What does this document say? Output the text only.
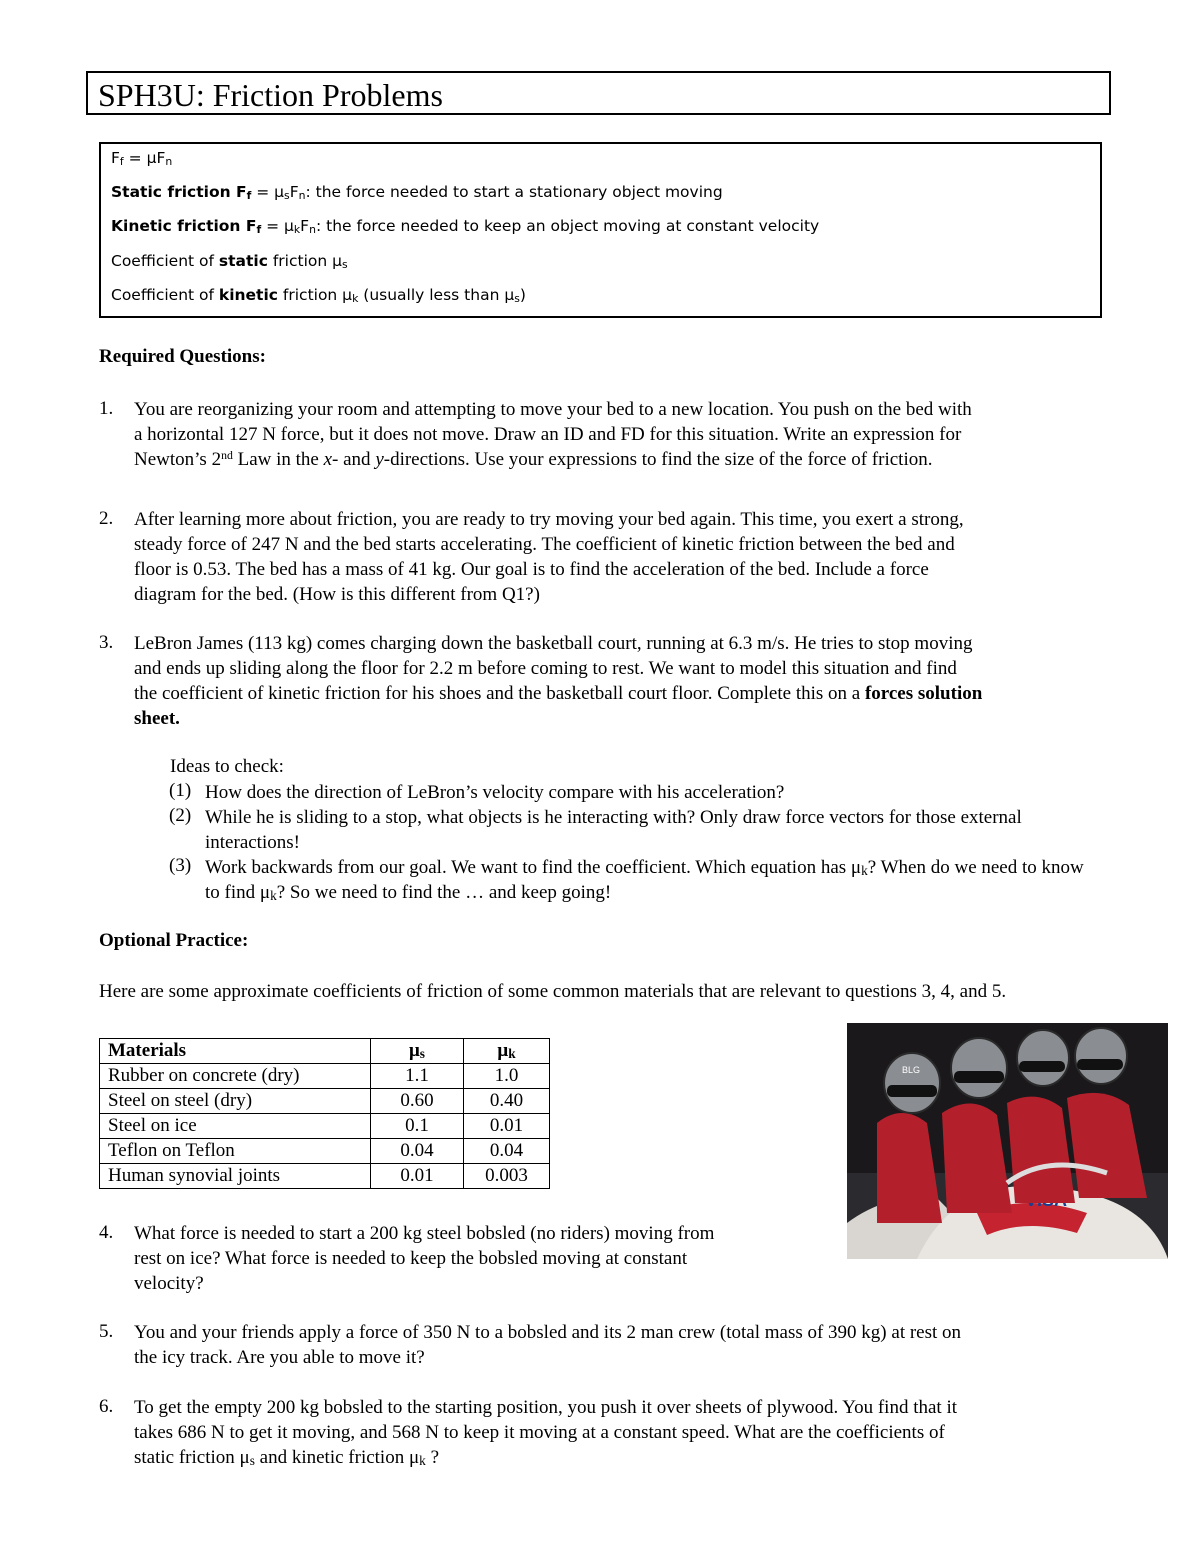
SPH3U: Friction Problems
$F_f = \mu F_n$
Static friction $F_f = \mu_sF_n$: the force needed to start a stationary object moving
Kinetic friction $F_f = \mu_kF_n$: the force needed to keep an object moving at constant velocity
Coefficient of static friction $\mu_s$
Coefficient of kinetic friction $\mu_k$ (usually less than $\mu_s$)
Required Questions:
1. You are reorganizing your room and attempting to move your bed to a new location. You push on the bed with
a horizontal 127 N force, but it does not move. Draw an ID and FD for this situation. Write an expression for
Newton’s 2nd Law in the x- and y-directions. Use your expressions to find the size of the force of friction.
2. After learning more about friction, you are ready to try moving your bed again. This time, you exert a strong,
steady force of 247 N and the bed starts accelerating. The coefficient of kinetic friction between the bed and
floor is 0.53. The bed has a mass of 41 kg. Our goal is to find the acceleration of the bed. Include a force
diagram for the bed. (How is this different from Q1?)
3. LeBron James (113 kg) comes charging down the basketball court, running at 6.3 m/s. He tries to stop moving
and ends up sliding along the floor for 2.2 m before coming to rest. We want to model this situation and find
the coefficient of kinetic friction for his shoes and the basketball court floor. Complete this on a forces solution
sheet.
Ideas to check:
(1) How does the direction of LeBron’s velocity compare with his acceleration?
(2) While he is sliding to a stop, what objects is he interacting with? Only draw force vectors for those external interactions!
(3) Work backwards from our goal. We want to find the coefficient. Which equation has $\mu_k$? When do we need to know to find $\mu_k$? So we need to find the … and keep going!
Optional Practice:
Here are some approximate coefficients of friction of some common materials that are relevant to questions 3, 4, and 5.
Materials	$\mu_s$	$\mu_k$
Rubber on concrete (dry)	1.1	1.0
Steel on steel (dry)	0.60	0.40
Steel on ice	0.1	0.01
Teflon on Teflon	0.04	0.04
Human synovial joints	0.01	0.003
BLG
4. What force is needed to start a 200 kg steel bobsled (no riders) moving from
rest on ice? What force is needed to keep the bobsled moving at constant
velocity?
5. You and your friends apply a force of 350 N to a bobsled and its 2 man crew (total mass of 390 kg) at rest on
the icy track. Are you able to move it?
6. To get the empty 200 kg bobsled to the starting position, you push it over sheets of plywood. You find that it
takes 686 N to get it moving, and 568 N to keep it moving at a constant speed. What are the coefficients of
static friction $\mu_s$ and kinetic friction $\mu_k$ ?
